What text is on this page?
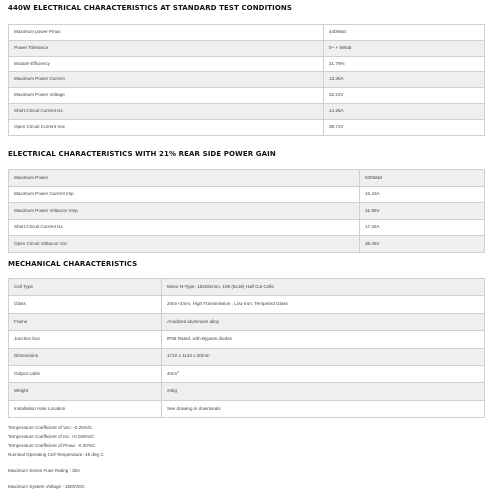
440W ELECTRICAL CHARACTERISTICS AT STANDARD TEST CONDITIONS
Maximum power Pmax	440Watt
Power Tolerance	0~ + 5Watt
Module Efficiency	21.76%
Maximum Power Current	13.30A
Maximum Power Voltage	32.22V
Short Circuit Current Isc	14.25A
Open Circuit Current Voc	38.72V
ELECTRICAL CHARACTERISTICS WITH 21% REAR SIDE POWER GAIN
Maximum Power	530Watt
Maximum Power Current Imp	16.43A
Maximum Power Voltacon Vmp	31.96V
Short Circuit Current Isc	17.42A
Open Circuit Voltacon Voc	38.46V
MECHANICAL CHARACTERISTICS
Cell Type	Mono N-Type, 182x91mm, 108 (6x18) Half Cut Cells
Glass	2mm+2mm, High Transmission , Low Iron, Tempered Glass
Frame	Anodized aluminium alloy
Junction box	IP68 Rated, with Bypass diodes
Dimensions	1722 x 1134 x 30mm
Output cable	$4mm^2$
Weight	24kg
Installation Hole Location	See drawing in downloads
Temperature Coefficient of Voc: -0.25%/C
Temperature Coefficient of Isc: +0.046%/C
Temperature Coefficient of Pmax: -0.30%C
Nominal Operating Cell Temperature: 45 deg C
Maximum Series Fuse Rating : 30A
Maximum System Voltage : 1500VDC
